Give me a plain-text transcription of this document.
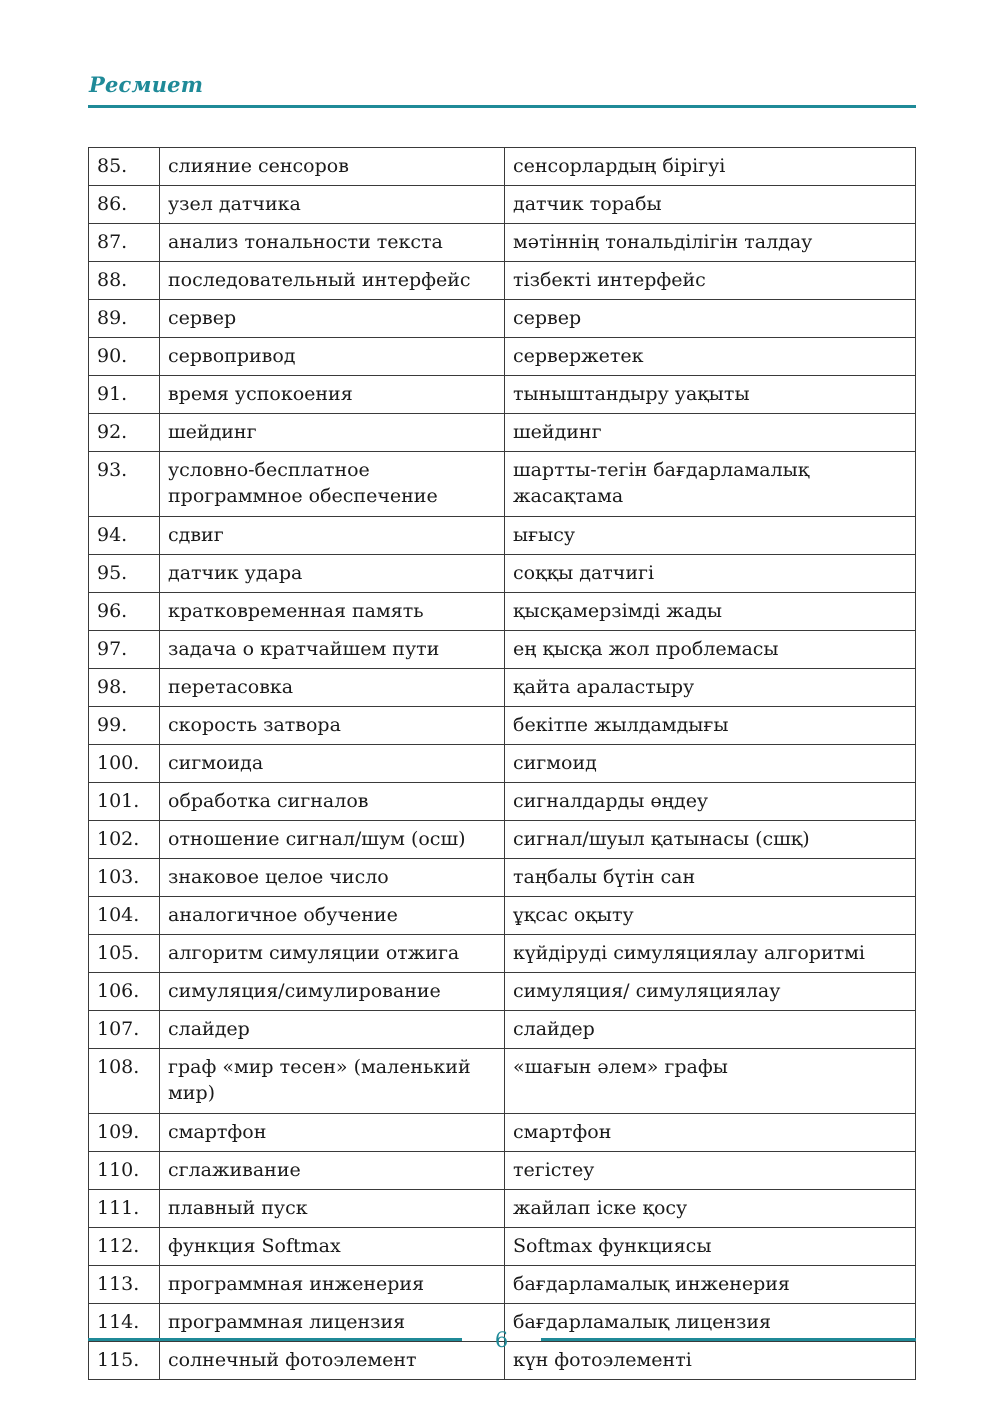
Ресмиет
85.	слияние сенсоров	сенсорлардың бірігуі
86.	узел датчика	датчик торабы
87.	анализ тональности текста	мәтіннің тональділігін талдау
88.	последовательный интерфейс	тізбекті интерфейс
89.	сервер	сервер
90.	сервопривод	сервержетек
91.	время успокоения	тыныштандыру уақыты
92.	шейдинг	шейдинг
93.	условно-бесплатное программное обеспечение	шартты-тегін бағдарламалық жасақтама
94.	сдвиг	ығысу
95.	датчик удара	соққы датчигі
96.	кратковременная память	қысқамерзімді жады
97.	задача о кратчайшем пути	ең қысқа жол проблемасы
98.	перетасовка	қайта араластыру
99.	скорость затвора	бекітпе жылдамдығы
100.	сигмоида	сигмоид
101.	обработка сигналов	сигналдарды өңдеу
102.	отношение сигнал/шум (осш)	сигнал/шуыл қатынасы (сшқ)
103.	знаковое целое число	таңбалы бүтін сан
104.	аналогичное обучение	ұқсас оқыту
105.	алгоритм симуляции отжига	күйдіруді симуляциялау алгоритмі
106.	симуляция/симулирование	симуляция/ симуляциялау
107.	слайдер	слайдер
108.	граф «мир тесен» (маленький мир)	«шағын әлем» графы
109.	смартфон	смартфон
110.	сглаживание	тегістеу
111.	плавный пуск	жайлап іске қосу
112.	функция Softmax	Softmax функциясы
113.	программная инженерия	бағдарламалық инженерия
114.	программная лицензия	бағдарламалық лицензия
115.	солнечный фотоэлемент	күн фотоэлементі
6
